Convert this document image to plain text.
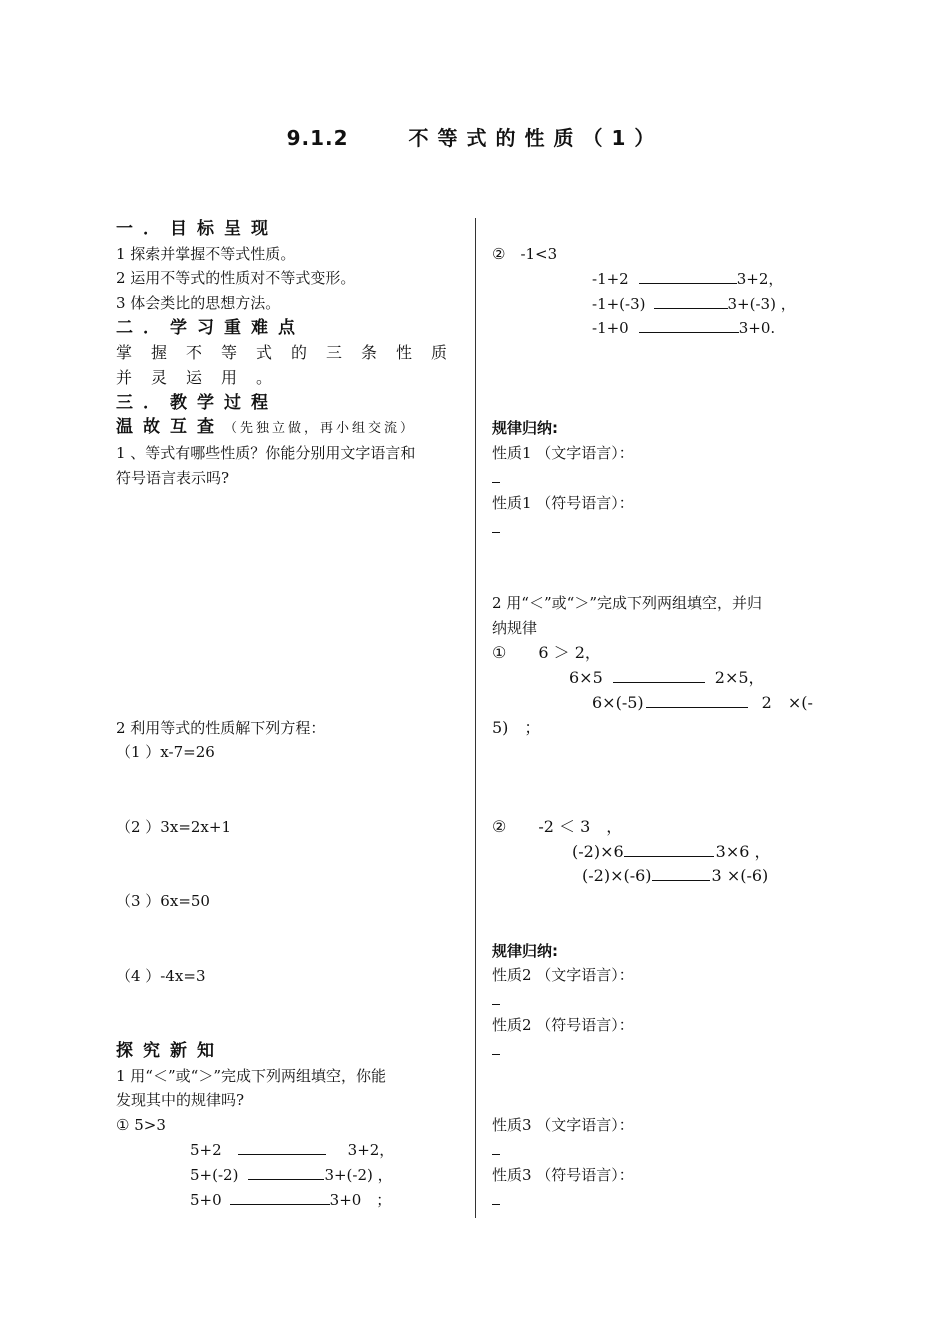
9.1.2	不等式的性质（1）
一．目标呈现
1 探索并掌握不等式性质。
2 运用不等式的性质对不等式变形。
3 体会类比的思想方法。
二．学习重难点
掌握不等式的三条性质
并灵运用。
三．教学过程
温故互查（先独立做，再小组交流）
1 、等式有哪些性质？你能分别用文字语言和
符号语言表示吗?
2 利用等式的性质解下列方程：
（1 ）x-7=26
（2 ）3x=2x+1
（3 ）6x=50
（4 ）-4x=3
探究新知
1 用“＜”或“＞”完成下列两组填空，你能
发现其中的规律吗?
① 5>3
5+2	3+2，
5+(-2)	3+(-2) ，
5+0	3+0　；
②　-1<3
-1+2	3+2，
-1+(-3)	3+(-3) ，
-1+0	3+0.
规律归纳:
性质1 （文字语言）：
性质1 （符号语言）：
2 用“＜”或“＞”完成下列两组填空，并归
纳规律
①　　6 ＞ 2，
6×5	2×5，
6×(-5)	2　×(-
5)　；
②　　-2 ＜ 3　，
(-2)×6	3×6 ，
(-2)×(-6)	3 ×(-6)
规律归纳:
性质2 （文字语言）：
性质2 （符号语言）：
性质3 （文字语言）：
性质3 （符号语言）：
